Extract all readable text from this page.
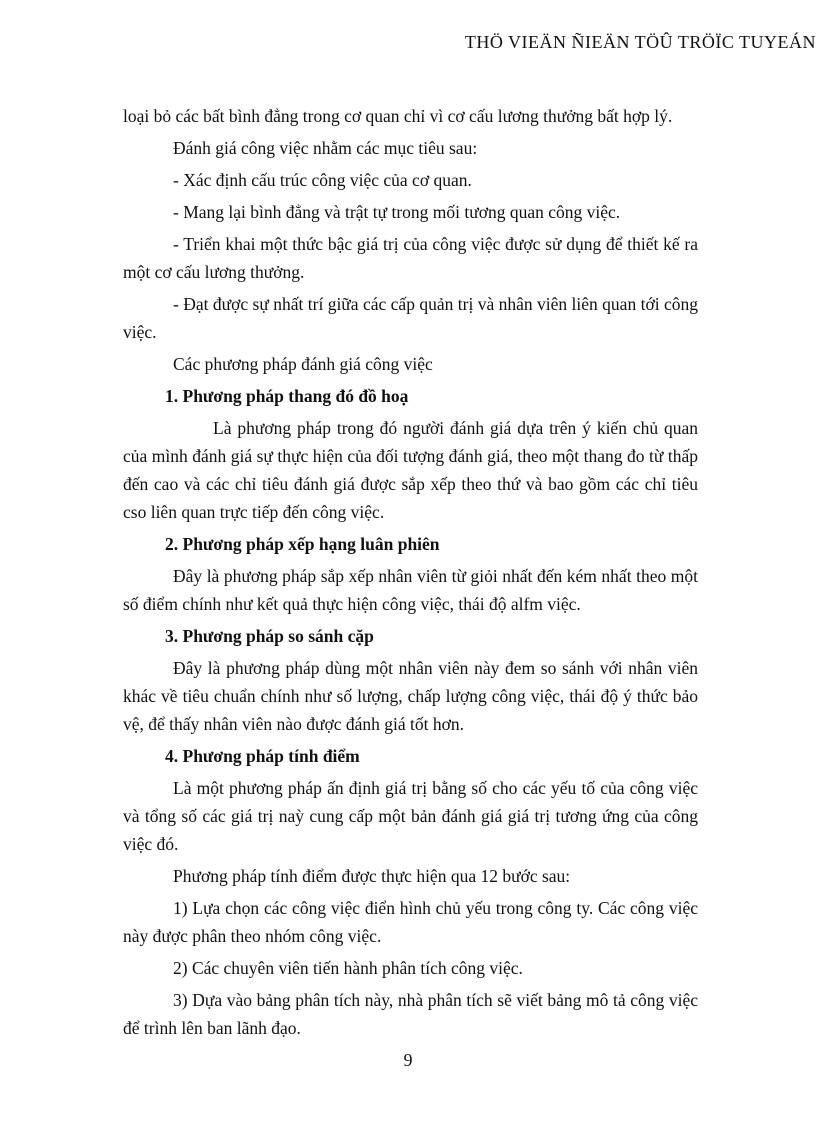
THÖ VIEÄN ÑIEÄN TÖÛ TRÖÏC TUYEÁN

loại bỏ các bất bình đẳng trong cơ quan chỉ vì cơ cấu lương thưởng bất hợp lý.

Đánh giá công việc nhằm các mục tiêu sau:

- Xác định cấu trúc công việc của cơ quan.

- Mang lại bình đẳng và trật tự trong mối tương quan công việc.

- Triển khai một thức bậc giá trị của công việc được sử dụng để thiết kế ra một cơ cấu lương thưởng.

- Đạt được sự nhất trí giữa các cấp quản trị và nhân viên liên quan tới công việc.

Các phương pháp đánh giá công việc

1. Phương pháp thang đó đồ hoạ

Là phương pháp trong đó người đánh giá dựa trên ý kiến chủ quan của mình đánh giá sự thực hiện của đối tượng đánh giá, theo một thang đo từ thấp đến cao và các chỉ tiêu đánh giá được sắp xếp theo thứ và bao gồm các chỉ tiêu cso liên quan trực tiếp đến công việc.

2. Phương pháp xếp hạng luân phiên

Đây là phương pháp sắp xếp nhân viên từ giỏi nhất đến kém nhất theo một số điểm chính như kết quả thực hiện công việc, thái độ alfm việc.

3. Phương pháp so sánh cặp

Đây là phương pháp dùng một nhân viên này đem so sánh với nhân viên khác về tiêu chuẩn chính như số lượng, chấp lượng công việc, thái độ ý thức bảo vệ, để thấy nhân viên nào được đánh giá tốt hơn.

4. Phương pháp tính điểm

Là một phương pháp ấn định giá trị bằng số cho các yếu tố của công việc và tổng số các giá trị naỳ cung cấp một bản đánh giá giá trị tương ứng của công việc đó.

Phương pháp tính điểm được thực hiện qua 12 bước sau:

1) Lựa chọn các công việc điển hình chủ yếu trong công ty. Các công việc này được phân theo nhóm công việc.

2) Các chuyên viên tiến hành phân tích công việc.

3) Dựa vào bảng phân tích này, nhà phân tích sẽ viết bảng mô tả công việc để trình lên ban lãnh đạo.

9
